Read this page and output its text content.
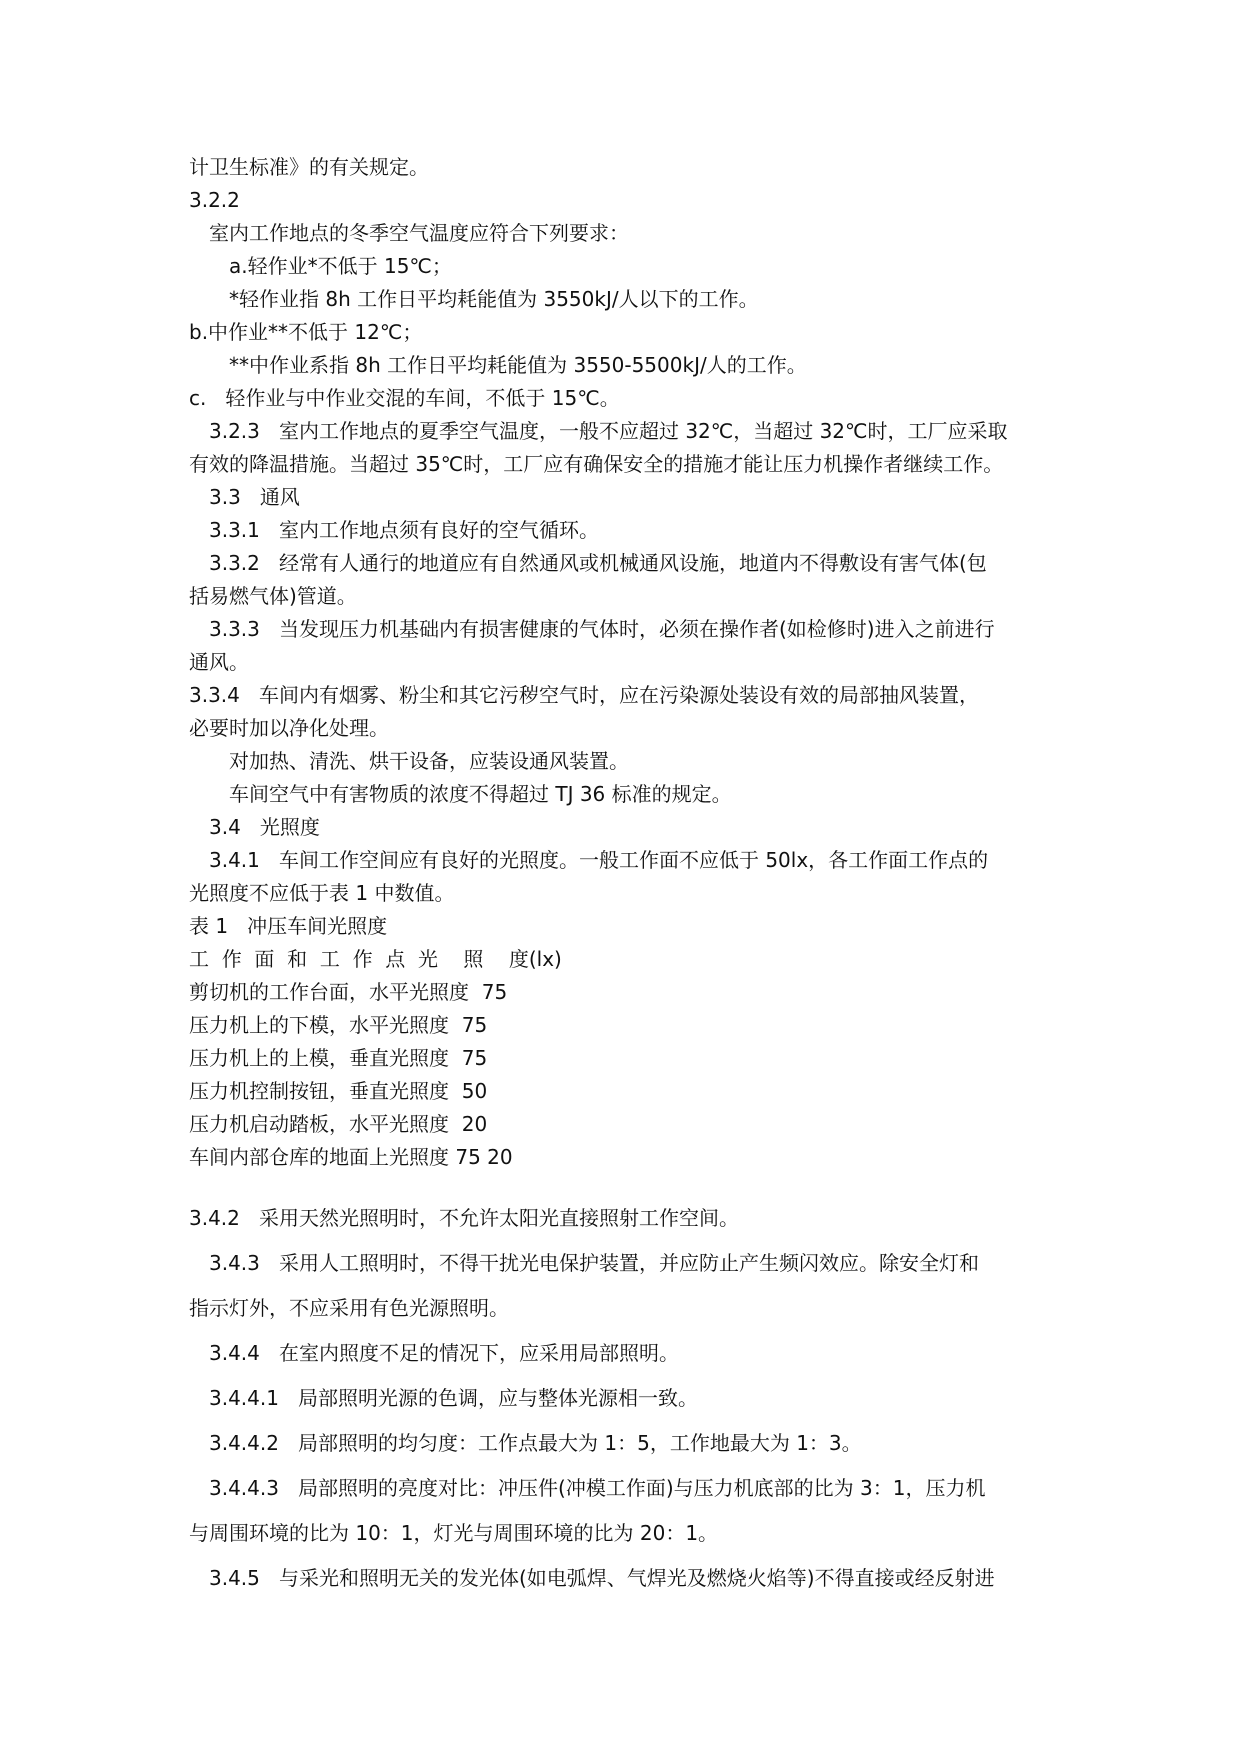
计卫生标准》的有关规定。
3.2.2
室内工作地点的冬季空气温度应符合下列要求：
a.轻作业*不低于 15℃；
*轻作业指 8h 工作日平均耗能值为 3550kJ/人以下的工作。
b.中作业**不低于 12℃；
**中作业系指 8h 工作日平均耗能值为 3550-5500kJ/人的工作。
c.   轻作业与中作业交混的车间，不低于 15℃。
3.2.3   室内工作地点的夏季空气温度，一般不应超过 32℃，当超过 32℃时，工厂应采取
有效的降温措施。当超过 35℃时，工厂应有确保安全的措施才能让压力机操作者继续工作。
3.3   通风
3.3.1   室内工作地点须有良好的空气循环。
3.3.2   经常有人通行的地道应有自然通风或机械通风设施，地道内不得敷设有害气体(包
括易燃气体)管道。
3.3.3   当发现压力机基础内有损害健康的气体时，必须在操作者(如检修时)进入之前进行
通风。
3.3.4   车间内有烟雾、粉尘和其它污秽空气时，应在污染源处装设有效的局部抽风装置，
必要时加以净化处理。
对加热、清洗、烘干设备，应装设通风装置。
车间空气中有害物质的浓度不得超过 TJ 36 标准的规定。
3.4   光照度
3.4.1   车间工作空间应有良好的光照度。一般工作面不应低于 50lx，各工作面工作点的
光照度不应低于表 1 中数值。
表 1   冲压车间光照度
工  作  面  和  工  作  点  光    照    度(lx)
剪切机的工作台面，水平光照度  75
压力机上的下模，水平光照度  75
压力机上的上模，垂直光照度  75
压力机控制按钮，垂直光照度  50
压力机启动踏板，水平光照度  20
车间内部仓库的地面上光照度 75 20
3.4.2   采用天然光照明时，不允许太阳光直接照射工作空间。
3.4.3   采用人工照明时，不得干扰光电保护装置，并应防止产生频闪效应。除安全灯和
指示灯外，不应采用有色光源照明。
3.4.4   在室内照度不足的情况下，应采用局部照明。
3.4.4.1   局部照明光源的色调，应与整体光源相一致。
3.4.4.2   局部照明的均匀度：工作点最大为 1：5，工作地最大为 1：3。
3.4.4.3   局部照明的亮度对比：冲压件(冲模工作面)与压力机底部的比为 3：1，压力机
与周围环境的比为 10：1，灯光与周围环境的比为 20：1。
3.4.5   与采光和照明无关的发光体(如电弧焊、气焊光及燃烧火焰等)不得直接或经反射进
